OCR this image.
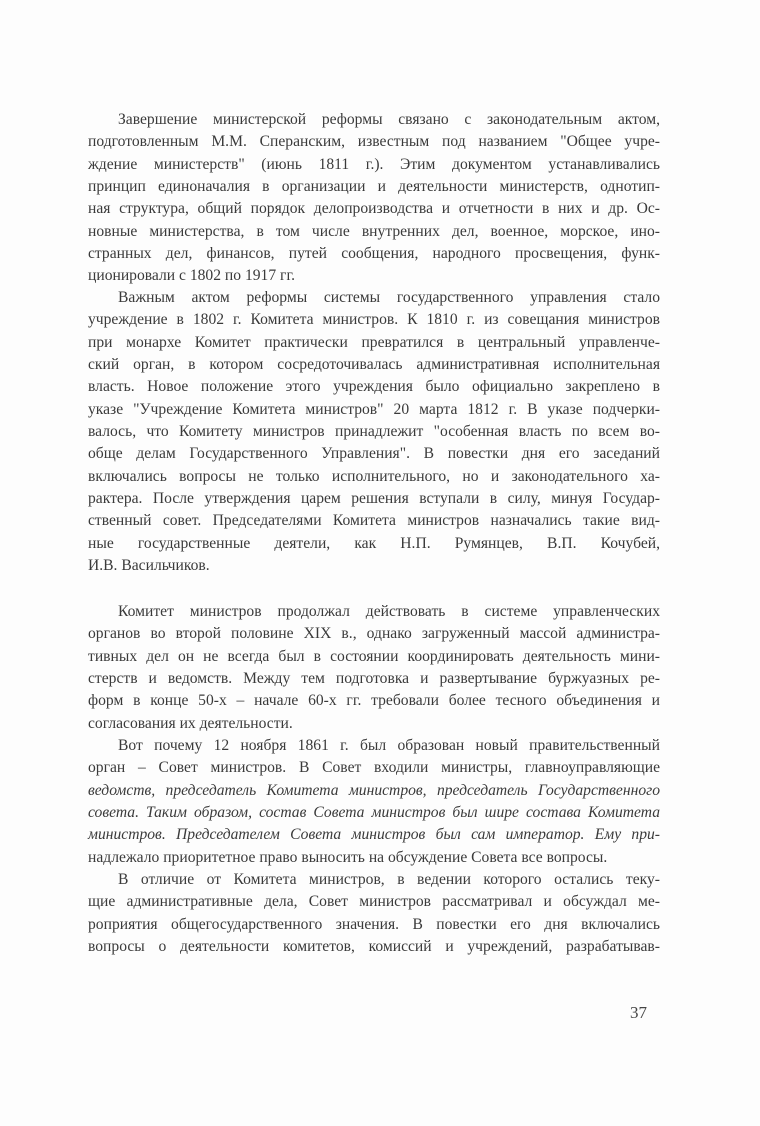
Завершение министерской реформы связано с законодательным актом,
подготовленным М.М. Сперанским, известным под названием "Общее учре-
ждение министерств" (июнь 1811 г.). Этим документом устанавливались
принцип единоначалия в организации и деятельности министерств, однотип-
ная структура, общий порядок делопроизводства и отчетности в них и др. Ос-
новные министерства, в том числе внутренних дел, военное, морское, ино-
странных дел, финансов, путей сообщения, народного просвещения, функ-
ционировали с 1802 по 1917 гг.
Важным актом реформы системы государственного управления стало
учреждение в 1802 г. Комитета министров. К 1810 г. из совещания министров
при монархе Комитет практически превратился в центральный управленче-
ский орган, в котором сосредоточивалась административная исполнительная
власть. Новое положение этого учреждения было официально закреплено в
указе "Учреждение Комитета министров" 20 марта 1812 г. В указе подчерки-
валось, что Комитету министров принадлежит "особенная власть по всем во-
обще делам Государственного Управления". В повестки дня его заседаний
включались вопросы не только исполнительного, но и законодательного ха-
рактера. После утверждения царем решения вступали в силу, минуя Государ-
ственный совет. Председателями Комитета министров назначались такие вид-
ные государственные деятели, как Н.П. Румянцев, В.П. Кочубей,
И.В. Васильчиков.
Комитет министров продолжал действовать в системе управленческих
органов во второй половине XIX в., однако загруженный массой администра-
тивных дел он не всегда был в состоянии координировать деятельность мини-
стерств и ведомств. Между тем подготовка и развертывание буржуазных ре-
форм в конце 50-х – начале 60-х гг. требовали более тесного объединения и
согласования их деятельности.
Вот почему 12 ноября 1861 г. был образован новый правительственный
орган – Совет министров. В Совет входили министры, главноуправляющие
ведомств, председатель Комитета министров, председатель Государственного
совета. Таким образом, состав Совета министров был шире состава Комитета
министров. Председателем Совета министров был сам император. Ему при-
надлежало приоритетное право выносить на обсуждение Совета все вопросы.
В отличие от Комитета министров, в ведении которого остались теку-
щие административные дела, Совет министров рассматривал и обсуждал ме-
роприятия общегосударственного значения. В повестки его дня включались
вопросы о деятельности комитетов, комиссий и учреждений, разрабатывав-
37
